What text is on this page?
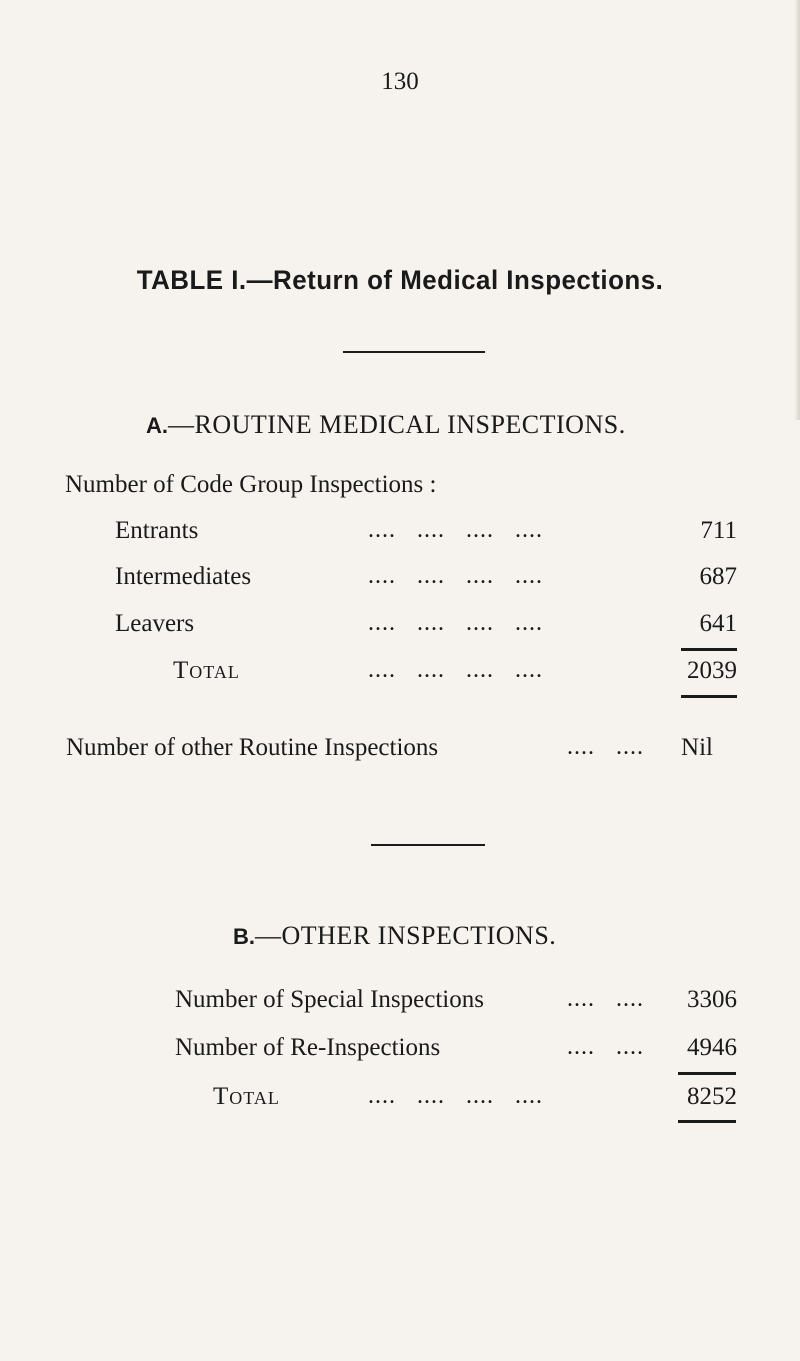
130
TABLE I.—Return of Medical Inspections.
A.—ROUTINE MEDICAL INSPECTIONS.
Number of Code Group Inspections :
Entrants	....   ....   ....   ....	711
Intermediates	....   ....   ....   ....	687
Leavers	....   ....   ....   ....	641
Total	....   ....   ....   ....	2039
Number of other Routine Inspections	....   .... Nil
B.—OTHER INSPECTIONS.
Number of Special Inspections	....   .... 3306
Number of Re-Inspections	....   .... 4946
Total	....   ....   ....   ....	8252
